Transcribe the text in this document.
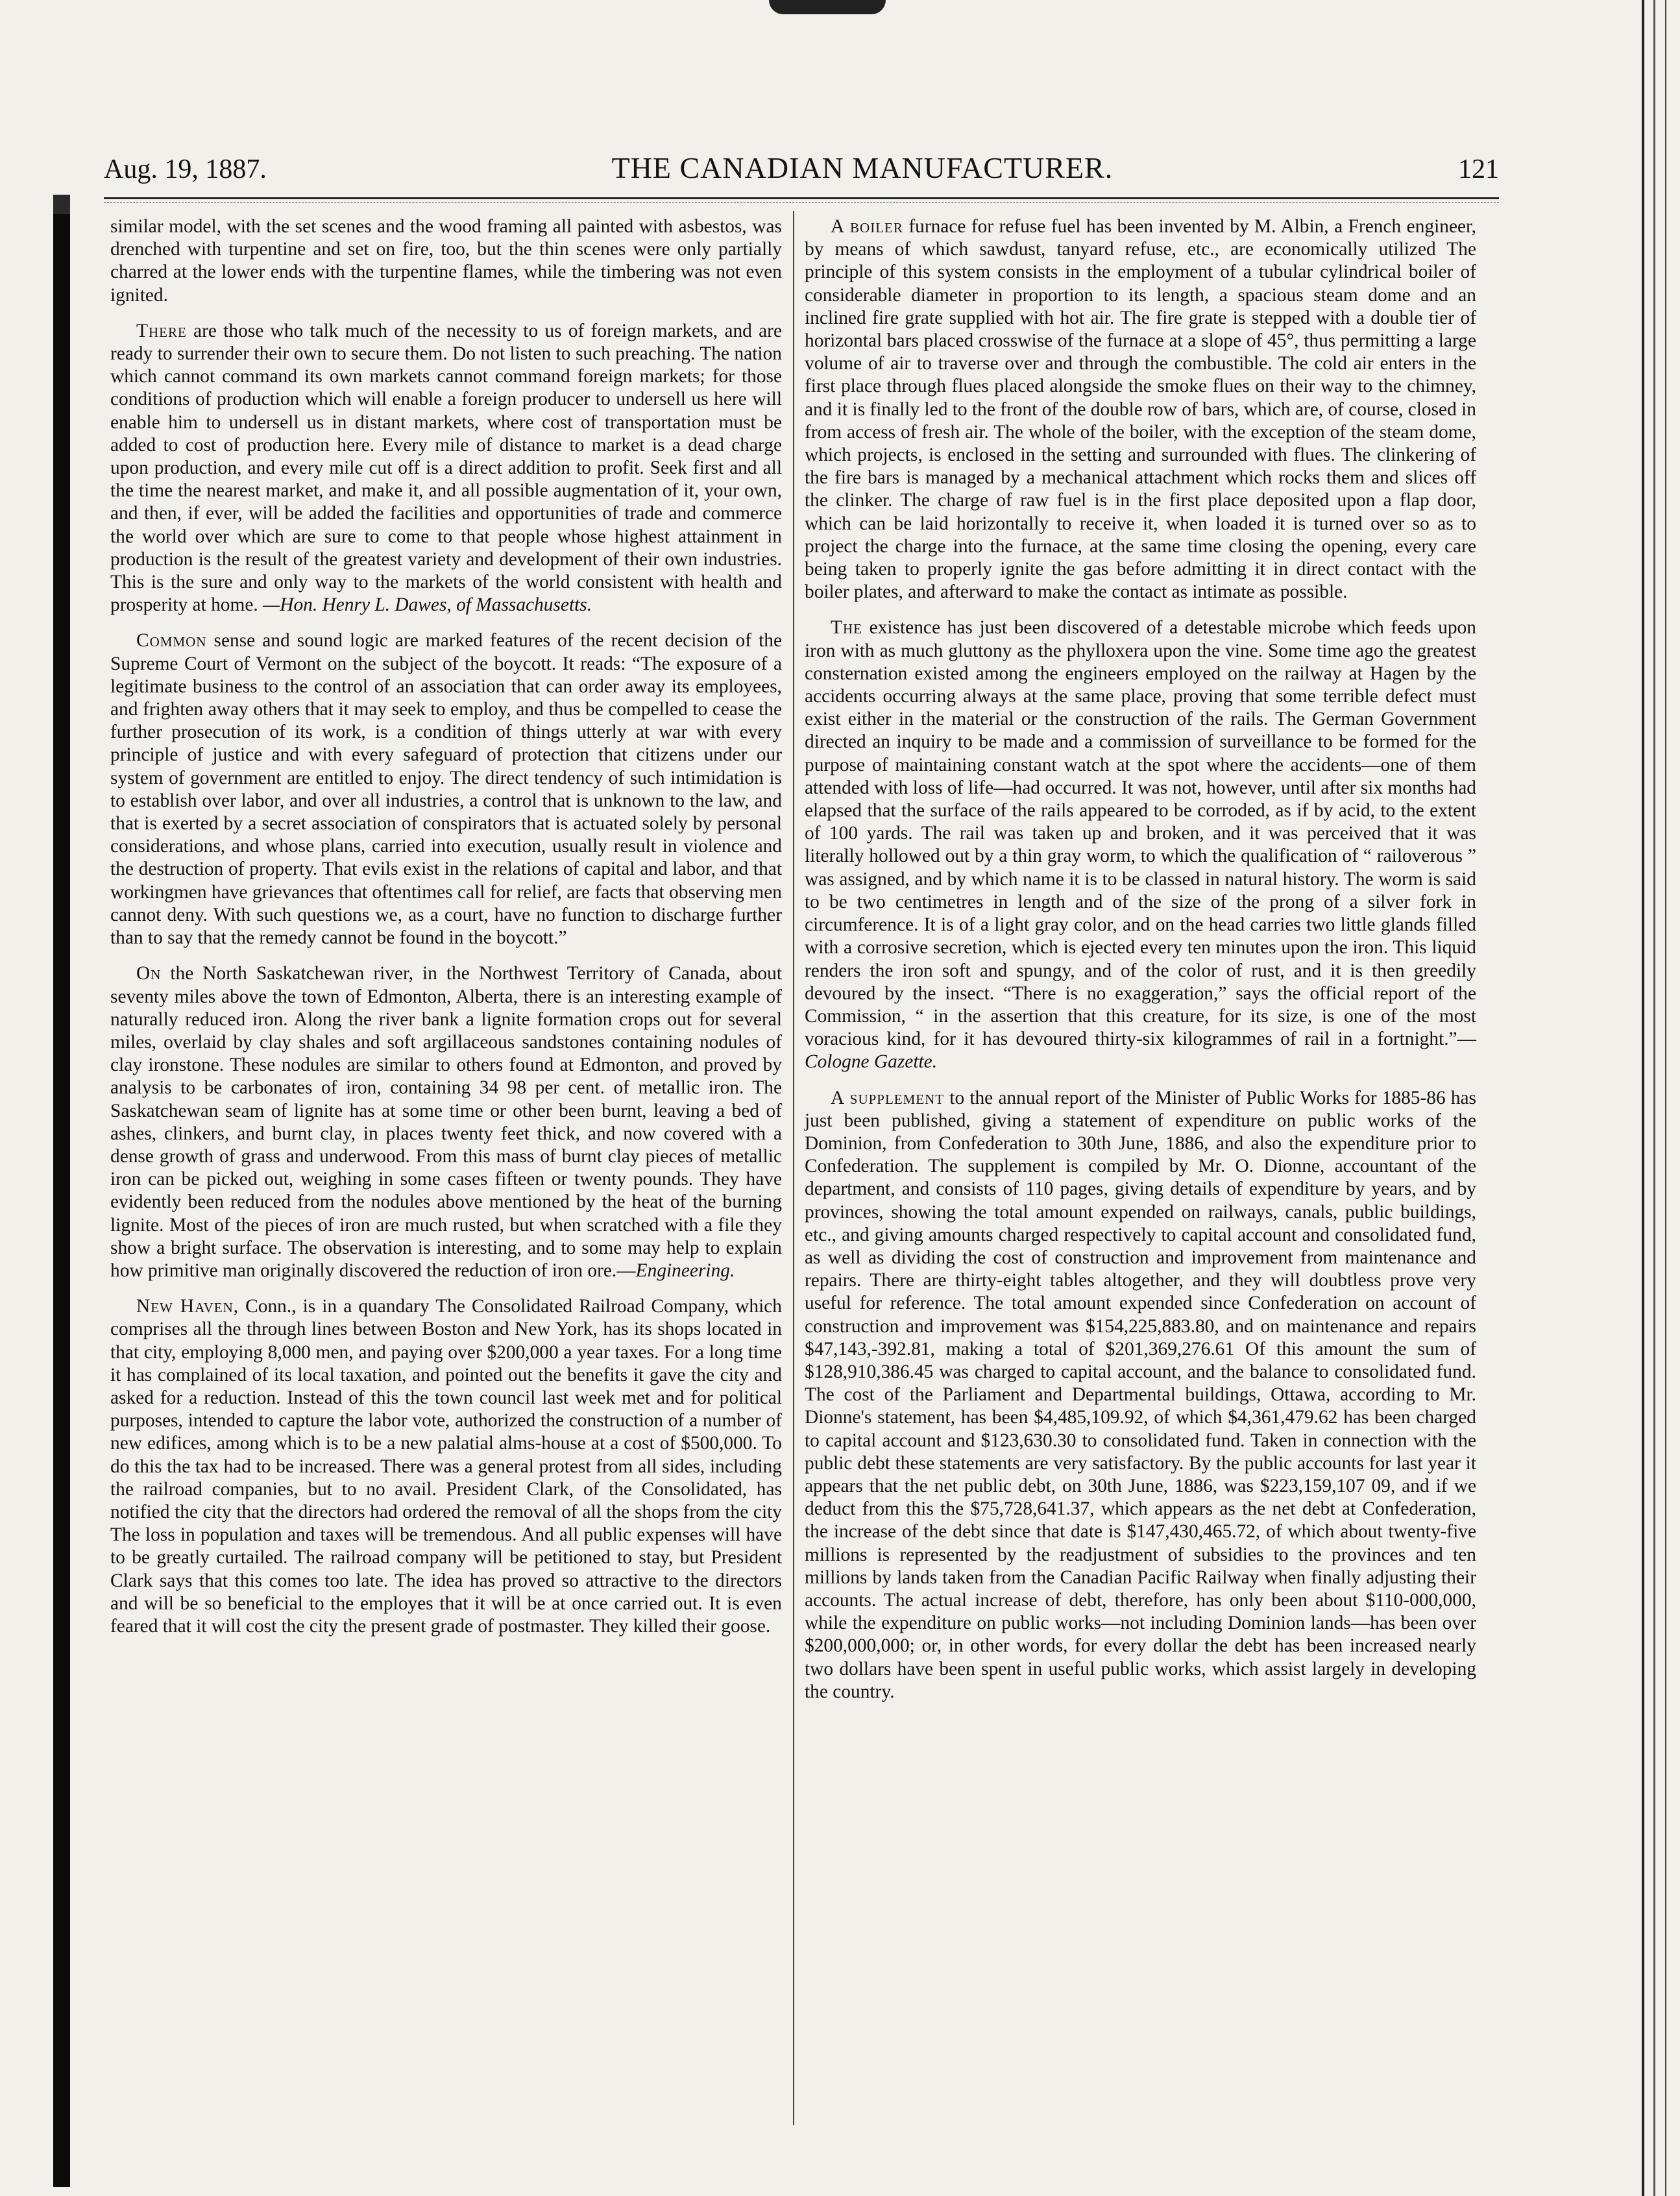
Aug. 19, 1887.	THE CANADIAN MANUFACTURER.	121

similar model, with the set scenes and the wood framing all painted with asbestos, was drenched with turpentine and set on fire, too, but the thin scenes were only partially charred at the lower ends with the turpentine flames, while the timbering was not even ignited.

There are those who talk much of the necessity to us of foreign markets, and are ready to surrender their own to secure them. Do not listen to such preaching. The nation which cannot command its own markets cannot command foreign markets; for those conditions of production which will enable a foreign producer to undersell us here will enable him to undersell us in distant markets, where cost of transportation must be added to cost of production here. Every mile of distance to market is a dead charge upon production, and every mile cut off is a direct addition to profit. Seek first and all the time the nearest market, and make it, and all possible augmentation of it, your own, and then, if ever, will be added the facilities and opportunities of trade and commerce the world over which are sure to come to that people whose highest attainment in production is the result of the greatest variety and development of their own industries. This is the sure and only way to the markets of the world consistent with health and prosperity at home. —Hon. Henry L. Dawes, of Massachusetts.

Common sense and sound logic are marked features of the recent decision of the Supreme Court of Vermont on the subject of the boycott. It reads: “The exposure of a legitimate business to the control of an association that can order away its employees, and frighten away others that it may seek to employ, and thus be compelled to cease the further prosecution of its work, is a condition of things utterly at war with every principle of justice and with every safeguard of protection that citizens under our system of government are entitled to enjoy. The direct tendency of such intimidation is to establish over labor, and over all industries, a control that is unknown to the law, and that is exerted by a secret association of conspirators that is actuated solely by personal considerations, and whose plans, carried into execution, usually result in violence and the destruction of property. That evils exist in the relations of capital and labor, and that workingmen have grievances that oftentimes call for relief, are facts that observing men cannot deny. With such questions we, as a court, have no function to discharge further than to say that the remedy cannot be found in the boycott.”

On the North Saskatchewan river, in the Northwest Territory of Canada, about seventy miles above the town of Edmonton, Alberta, there is an interesting example of naturally reduced iron. Along the river bank a lignite formation crops out for several miles, overlaid by clay shales and soft argillaceous sandstones containing nodules of clay ironstone. These nodules are similar to others found at Edmonton, and proved by analysis to be carbonates of iron, containing 34 98 per cent. of metallic iron. The Saskatchewan seam of lignite has at some time or other been burnt, leaving a bed of ashes, clinkers, and burnt clay, in places twenty feet thick, and now covered with a dense growth of grass and underwood. From this mass of burnt clay pieces of metallic iron can be picked out, weighing in some cases fifteen or twenty pounds. They have evidently been reduced from the nodules above mentioned by the heat of the burning lignite. Most of the pieces of iron are much rusted, but when scratched with a file they show a bright surface. The observation is interesting, and to some may help to explain how primitive man originally discovered the reduction of iron ore.—Engineering.

New Haven, Conn., is in a quandary The Consolidated Railroad Company, which comprises all the through lines between Boston and New York, has its shops located in that city, employing 8,000 men, and paying over $200,000 a year taxes. For a long time it has complained of its local taxation, and pointed out the benefits it gave the city and asked for a reduction. Instead of this the town council last week met and for political purposes, intended to capture the labor vote, authorized the construction of a number of new edifices, among which is to be a new palatial alms-house at a cost of $500,000. To do this the tax had to be increased. There was a general protest from all sides, including the railroad companies, but to no avail. President Clark, of the Consolidated, has notified the city that the directors had ordered the removal of all the shops from the city The loss in population and taxes will be tremendous. And all public expenses will have to be greatly curtailed. The railroad company will be petitioned to stay, but President Clark says that this comes too late. The idea has proved so attractive to the directors and will be so beneficial to the employes that it will be at once carried out. It is even feared that it will cost the city the present grade of postmaster. They killed their goose.

A boiler furnace for refuse fuel has been invented by M. Albin, a French engineer, by means of which sawdust, tanyard refuse, etc., are economically utilized The principle of this system consists in the employment of a tubular cylindrical boiler of considerable diameter in proportion to its length, a spacious steam dome and an inclined fire grate supplied with hot air. The fire grate is stepped with a double tier of horizontal bars placed crosswise of the furnace at a slope of 45°, thus permitting a large volume of air to traverse over and through the combustible. The cold air enters in the first place through flues placed alongside the smoke flues on their way to the chimney, and it is finally led to the front of the double row of bars, which are, of course, closed in from access of fresh air. The whole of the boiler, with the exception of the steam dome, which projects, is enclosed in the setting and surrounded with flues. The clinkering of the fire bars is managed by a mechanical attachment which rocks them and slices off the clinker. The charge of raw fuel is in the first place deposited upon a flap door, which can be laid horizontally to receive it, when loaded it is turned over so as to project the charge into the furnace, at the same time closing the opening, every care being taken to properly ignite the gas before admitting it in direct contact with the boiler plates, and afterward to make the contact as intimate as possible.

The existence has just been discovered of a detestable microbe which feeds upon iron with as much gluttony as the phylloxera upon the vine. Some time ago the greatest consternation existed among the engineers employed on the railway at Hagen by the accidents occurring always at the same place, proving that some terrible defect must exist either in the material or the construction of the rails. The German Government directed an inquiry to be made and a commission of surveillance to be formed for the purpose of maintaining constant watch at the spot where the accidents—one of them attended with loss of life—had occurred. It was not, however, until after six months had elapsed that the surface of the rails appeared to be corroded, as if by acid, to the extent of 100 yards. The rail was taken up and broken, and it was perceived that it was literally hollowed out by a thin gray worm, to which the qualification of “ railoverous ” was assigned, and by which name it is to be classed in natural history. The worm is said to be two centimetres in length and of the size of the prong of a silver fork in circumference. It is of a light gray color, and on the head carries two little glands filled with a corrosive secretion, which is ejected every ten minutes upon the iron. This liquid renders the iron soft and spungy, and of the color of rust, and it is then greedily devoured by the insect. “There is no exaggeration,” says the official report of the Commission, “ in the assertion that this creature, for its size, is one of the most voracious kind, for it has devoured thirty-six kilogrammes of rail in a fortnight.”—Cologne Gazette.

A supplement to the annual report of the Minister of Public Works for 1885-86 has just been published, giving a statement of expenditure on public works of the Dominion, from Confederation to 30th June, 1886, and also the expenditure prior to Confederation. The supplement is compiled by Mr. O. Dionne, accountant of the department, and consists of 110 pages, giving details of expenditure by years, and by provinces, showing the total amount expended on railways, canals, public buildings, etc., and giving amounts charged respectively to capital account and consolidated fund, as well as dividing the cost of construction and improvement from maintenance and repairs. There are thirty-eight tables altogether, and they will doubtless prove very useful for reference. The total amount expended since Confederation on account of construction and improvement was $154,225,883.80, and on maintenance and repairs $47,143,-392.81, making a total of $201,369,276.61 Of this amount the sum of $128,910,386.45 was charged to capital account, and the balance to consolidated fund. The cost of the Parliament and Departmental buildings, Ottawa, according to Mr. Dionne's statement, has been $4,485,109.92, of which $4,361,479.62 has been charged to capital account and $123,630.30 to consolidated fund. Taken in connection with the public debt these statements are very satisfactory. By the public accounts for last year it appears that the net public debt, on 30th June, 1886, was $223,159,107 09, and if we deduct from this the $75,728,641.37, which appears as the net debt at Confederation, the increase of the debt since that date is $147,430,465.72, of which about twenty-five millions is represented by the readjustment of subsidies to the provinces and ten millions by lands taken from the Canadian Pacific Railway when finally adjusting their accounts. The actual increase of debt, therefore, has only been about $110-000,000, while the expenditure on public works—not including Dominion lands—has been over $200,000,000; or, in other words, for every dollar the debt has been increased nearly two dollars have been spent in useful public works, which assist largely in developing the country.
